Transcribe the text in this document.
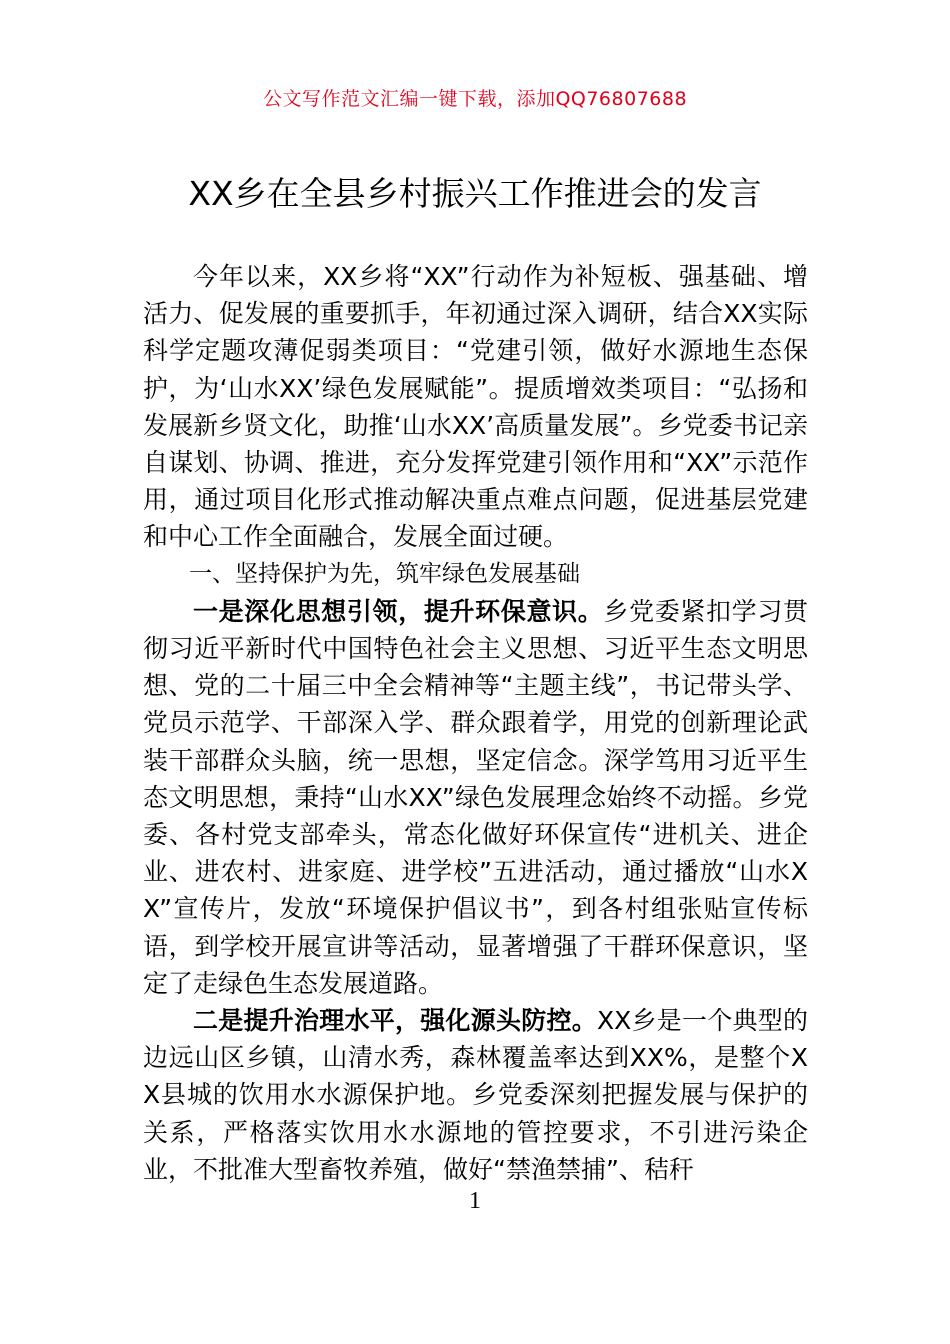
公文写作范文汇编一键下载，添加QQ76807688
XX乡在全县乡村振兴工作推进会的发言

今年以来，XX乡将“XX”行动作为补短板、强基础、增活力、促发展的重要抓手，年初通过深入调研，结合XX实际科学定题攻薄促弱类项目：“党建引领，做好水源地生态保护，为‘山水XX’绿色发展赋能”。提质增效类项目：“弘扬和发展新乡贤文化，助推‘山水XX’高质量发展”。乡党委书记亲自谋划、协调、推进，充分发挥党建引领作用和“XX”示范作用，通过项目化形式推动解决重点难点问题，促进基层党建和中心工作全面融合，发展全面过硬。

一、坚持保护为先，筑牢绿色发展基础

一是深化思想引领，提升环保意识。乡党委紧扣学习贯彻习近平新时代中国特色社会主义思想、习近平生态文明思想、党的二十届三中全会精神等“主题主线”，书记带头学、党员示范学、干部深入学、群众跟着学，用党的创新理论武装干部群众头脑，统一思想，坚定信念。深学笃用习近平生态文明思想，秉持“山水XX”绿色发展理念始终不动摇。乡党委、各村党支部牵头，常态化做好环保宣传“进机关、进企业、进农村、进家庭、进学校”五进活动，通过播放“山水XX”宣传片，发放“环境保护倡议书”，到各村组张贴宣传标语，到学校开展宣讲等活动，显著增强了干群环保意识，坚定了走绿色生态发展道路。

二是提升治理水平，强化源头防控。XX乡是一个典型的边远山区乡镇，山清水秀，森林覆盖率达到XX%，是整个XX县城的饮用水水源保护地。乡党委深刻把握发展与保护的关系，严格落实饮用水水源地的管控要求，不引进污染企业，不批准大型畜牧养殖，做好“禁渔禁捕”、秸秆

1
